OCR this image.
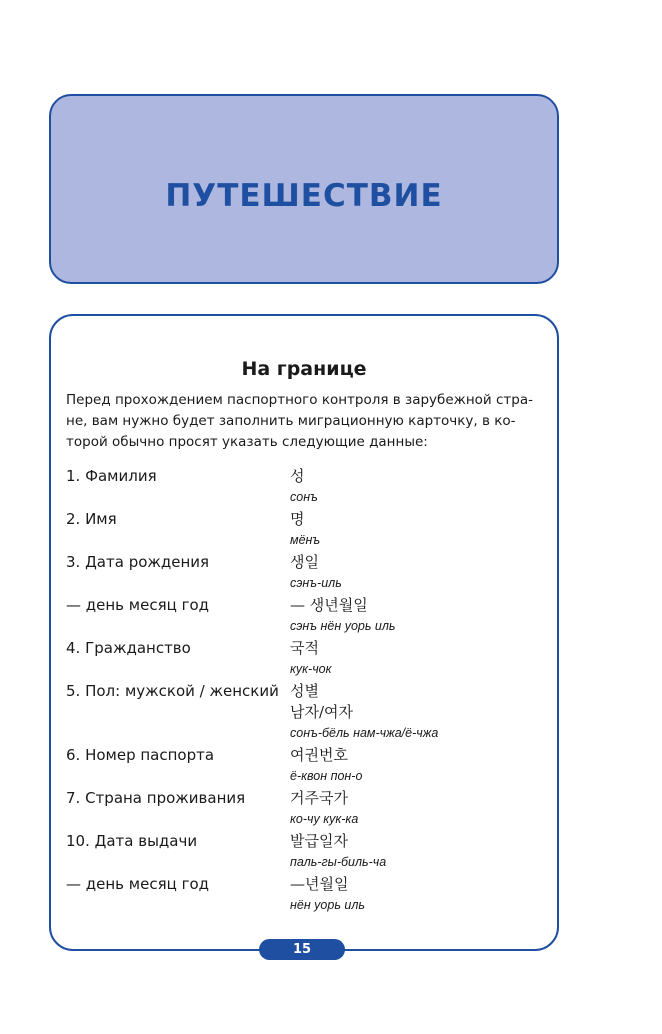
ПУТЕШЕСТВИЕ
На границе
Перед прохождением паспортного контроля в зарубежной стра-
не, вам нужно будет заполнить миграционную карточку, в ко-
торой обычно просят указать следующие данные:
1. Фамилия	성
сонъ
2. Имя	명
мёнъ
3. Дата рождения	생일
сэнъ-иль
— день месяц год	— 생년월일
сэнъ нён уорь иль
4. Гражданство	국적
кук-чок
5. Пол: мужской / женский 성별
남자/여자
сонъ-бёль нам-чжа/ё-чжа
6. Номер паспорта	여권번호
ё-квон пон-о
7. Страна проживания	거주국가
ко-чу кук-ка
10. Дата выдачи	발급일자
паль-гы-биль-ча
— день месяц год	—년월일
нён уорь иль
15
